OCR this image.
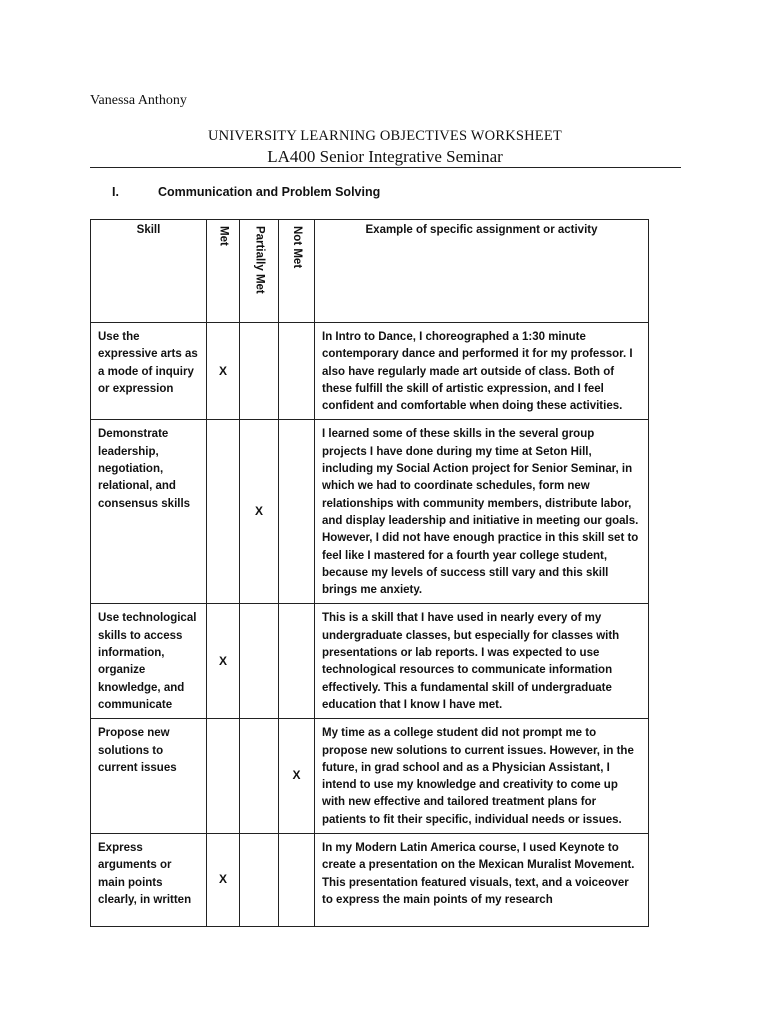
Vanessa Anthony
UNIVERSITY LEARNING OBJECTIVES WORKSHEET
LA400 Senior Integrative Seminar
I.	Communication and Problem Solving
Skill	Met	Partially Met	Not Met	Example of specific assignment or activity
Use the expressive arts as a mode of inquiry or expression	X			In Intro to Dance, I choreographed a 1:30 minute contemporary dance and performed it for my professor. I also have regularly made art outside of class. Both of these fulfill the skill of artistic expression, and I feel confident and comfortable when doing these activities.
Demonstrate leadership, negotiation, relational, and consensus skills		X		I learned some of these skills in the several group projects I have done during my time at Seton Hill, including my Social Action project for Senior Seminar, in which we had to coordinate schedules, form new relationships with community members, distribute labor, and display leadership and initiative in meeting our goals. However, I did not have enough practice in this skill set to feel like I mastered for a fourth year college student, because my levels of success still vary and this skill brings me anxiety.
Use technological skills to access information, organize knowledge, and communicate	X			This is a skill that I have used in nearly every of my undergraduate classes, but especially for classes with presentations or lab reports. I was expected to use technological resources to communicate information effectively. This a fundamental skill of undergraduate education that I know I have met.
Propose new solutions to current issues			X	My time as a college student did not prompt me to propose new solutions to current issues. However, in the future, in grad school and as a Physician Assistant, I intend to use my knowledge and creativity to come up with new effective and tailored treatment plans for patients to fit their specific, individual needs or issues.

Express arguments or main points clearly, in written	X			In my Modern Latin America course, I used Keynote to create a presentation on the Mexican Muralist Movement. This presentation featured visuals, text, and a voiceover to express the main points of my research
